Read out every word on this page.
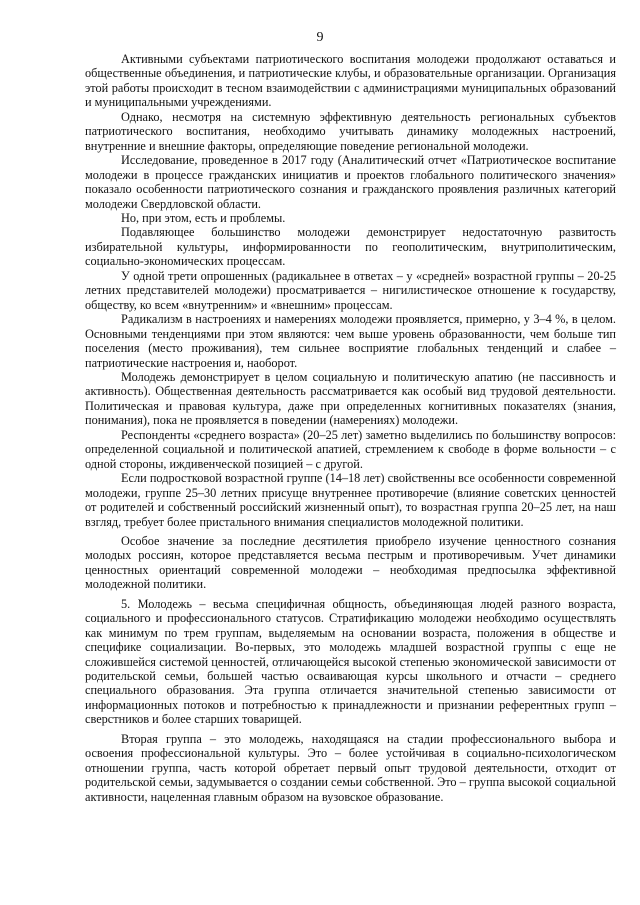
9

Активными субъектами патриотического воспитания молодежи продолжают оставаться и общественные объединения, и патриотические клубы, и образовательные организации. Организация этой работы происходит в тесном взаимодействии с администрациями муниципальных образований и муниципальными учреждениями.

Однако, несмотря на системную эффективную деятельность региональных субъектов патриотического воспитания, необходимо учитывать динамику молодежных настроений, внутренние и внешние факторы, определяющие поведение региональной молодежи.

Исследование, проведенное в 2017 году (Аналитический отчет «Патриотическое воспитание молодежи в процессе гражданских инициатив и проектов глобального политического значения» показало особенности патриотического сознания и гражданского проявления различных категорий молодежи Свердловской области.

Но, при этом, есть и проблемы.

Подавляющее большинство молодежи демонстрирует недостаточную развитость избирательной культуры, информированности по геополитическим, внутриполитическим, социально-экономических процессам.

У одной трети опрошенных (радикальнее в ответах – у «средней» возрастной группы – 20-25 летних представителей молодежи) просматривается – нигилистическое отношение к государству, обществу, ко всем «внутренним» и «внешним» процессам.

Радикализм в настроениях и намерениях молодежи проявляется, примерно, у 3–4 %, в целом. Основными тенденциями при этом являются: чем выше уровень образованности, чем больше тип поселения (место проживания), тем сильнее восприятие глобальных тенденций и слабее – патриотические настроения и, наоборот.

Молодежь демонстрирует в целом социальную и политическую апатию (не пассивность и активность). Общественная деятельность рассматривается как особый вид трудовой деятельности. Политическая и правовая культура, даже при определенных когнитивных показателях (знания, понимания), пока не проявляется в поведении (намерениях) молодежи.

Респонденты «среднего возраста» (20–25 лет) заметно выделились по большинству вопросов: определенной социальной и политической апатией, стремлением к свободе в форме вольности – с одной стороны, иждивенческой позицией – с другой.

Если подростковой возрастной группе (14–18 лет) свойственны все особенности современной молодежи, группе 25–30 летних присуще внутреннее противоречие (влияние советских ценностей от родителей и собственный российский жизненный опыт), то возрастная группа 20–25 лет, на наш взгляд, требует более пристального внимания специалистов молодежной политики.

Особое значение за последние десятилетия приобрело изучение ценностного сознания молодых россиян, которое представляется весьма пестрым и противоречивым. Учет динамики ценностных ориентаций современной молодежи – необходимая предпосылка эффективной молодежной политики.

5. Молодежь – весьма специфичная общность, объединяющая людей разного возраста, социального и профессионального статусов. Стратификацию молодежи необходимо осуществлять как минимум по трем группам, выделяемым на основании возраста, положения в обществе и специфике социализации. Во-первых, это молодежь младшей возрастной группы с еще не сложившейся системой ценностей, отличающейся высокой степенью экономической зависимости от родительской семьи, большей частью осваивающая курсы школьного и отчасти – среднего специального образования. Эта группа отличается значительной степенью зависимости от информационных потоков и потребностью к принадлежности и признании референтных групп – сверстников и более старших товарищей.

Вторая группа – это молодежь, находящаяся на стадии профессионального выбора и освоения профессиональной культуры. Это – более устойчивая в социально-психологическом отношении группа, часть которой обретает первый опыт трудовой деятельности, отходит от родительской семьи, задумывается о создании семьи собственной. Это – группа высокой социальной активности, нацеленная главным образом на вузовское образование.
